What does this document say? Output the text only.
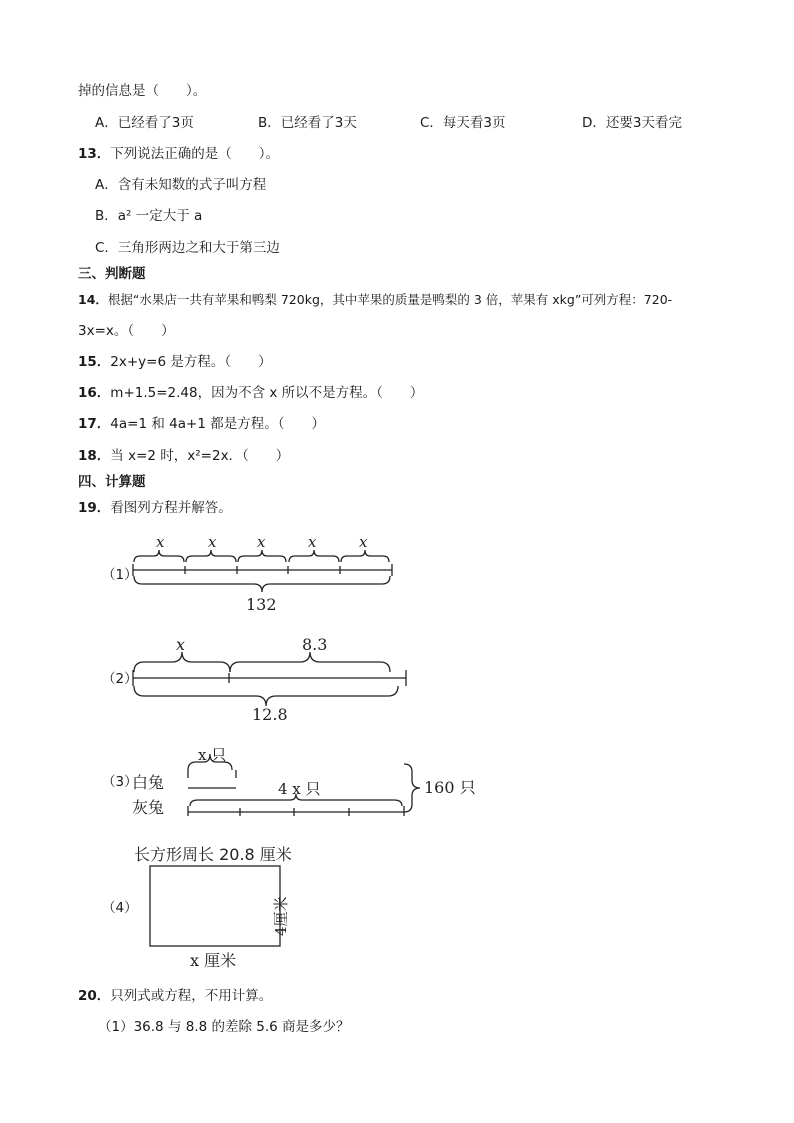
掉的信息是（　　）。
A．已经看了3页	B．已经看了3天	C．每天看3页	D．还要3天看完
13．下列说法正确的是（　　）。
A．含有未知数的式子叫方程
B．a² 一定大于 a
C．三角形两边之和大于第三边
三、判断题
14．根据“水果店一共有苹果和鸭梨 720kg，其中苹果的质量是鸭梨的 3 倍，苹果有 xkg”可列方程：720-
3x=x。（　　）
15．2x+y=6 是方程。（　　）
16．m+1.5=2.48，因为不含 x 所以不是方程。（　　）
17．4a=1 和 4a+1 都是方程。（　　）
18．当 x=2 时，x²=2x．（　　）
四、计算题
19．看图列方程并解答。
（1）
x	x	x	x	x
132
x	8.3
12.8
x 只
4 x 只
白兔
灰兔
160 只
长方形周长 20.8 厘米
x 厘米
4厘米
（2）
（3）
（4）
20．只列式或方程，不用计算。
（1）36.8 与 8.8 的差除 5.6 商是多少？
